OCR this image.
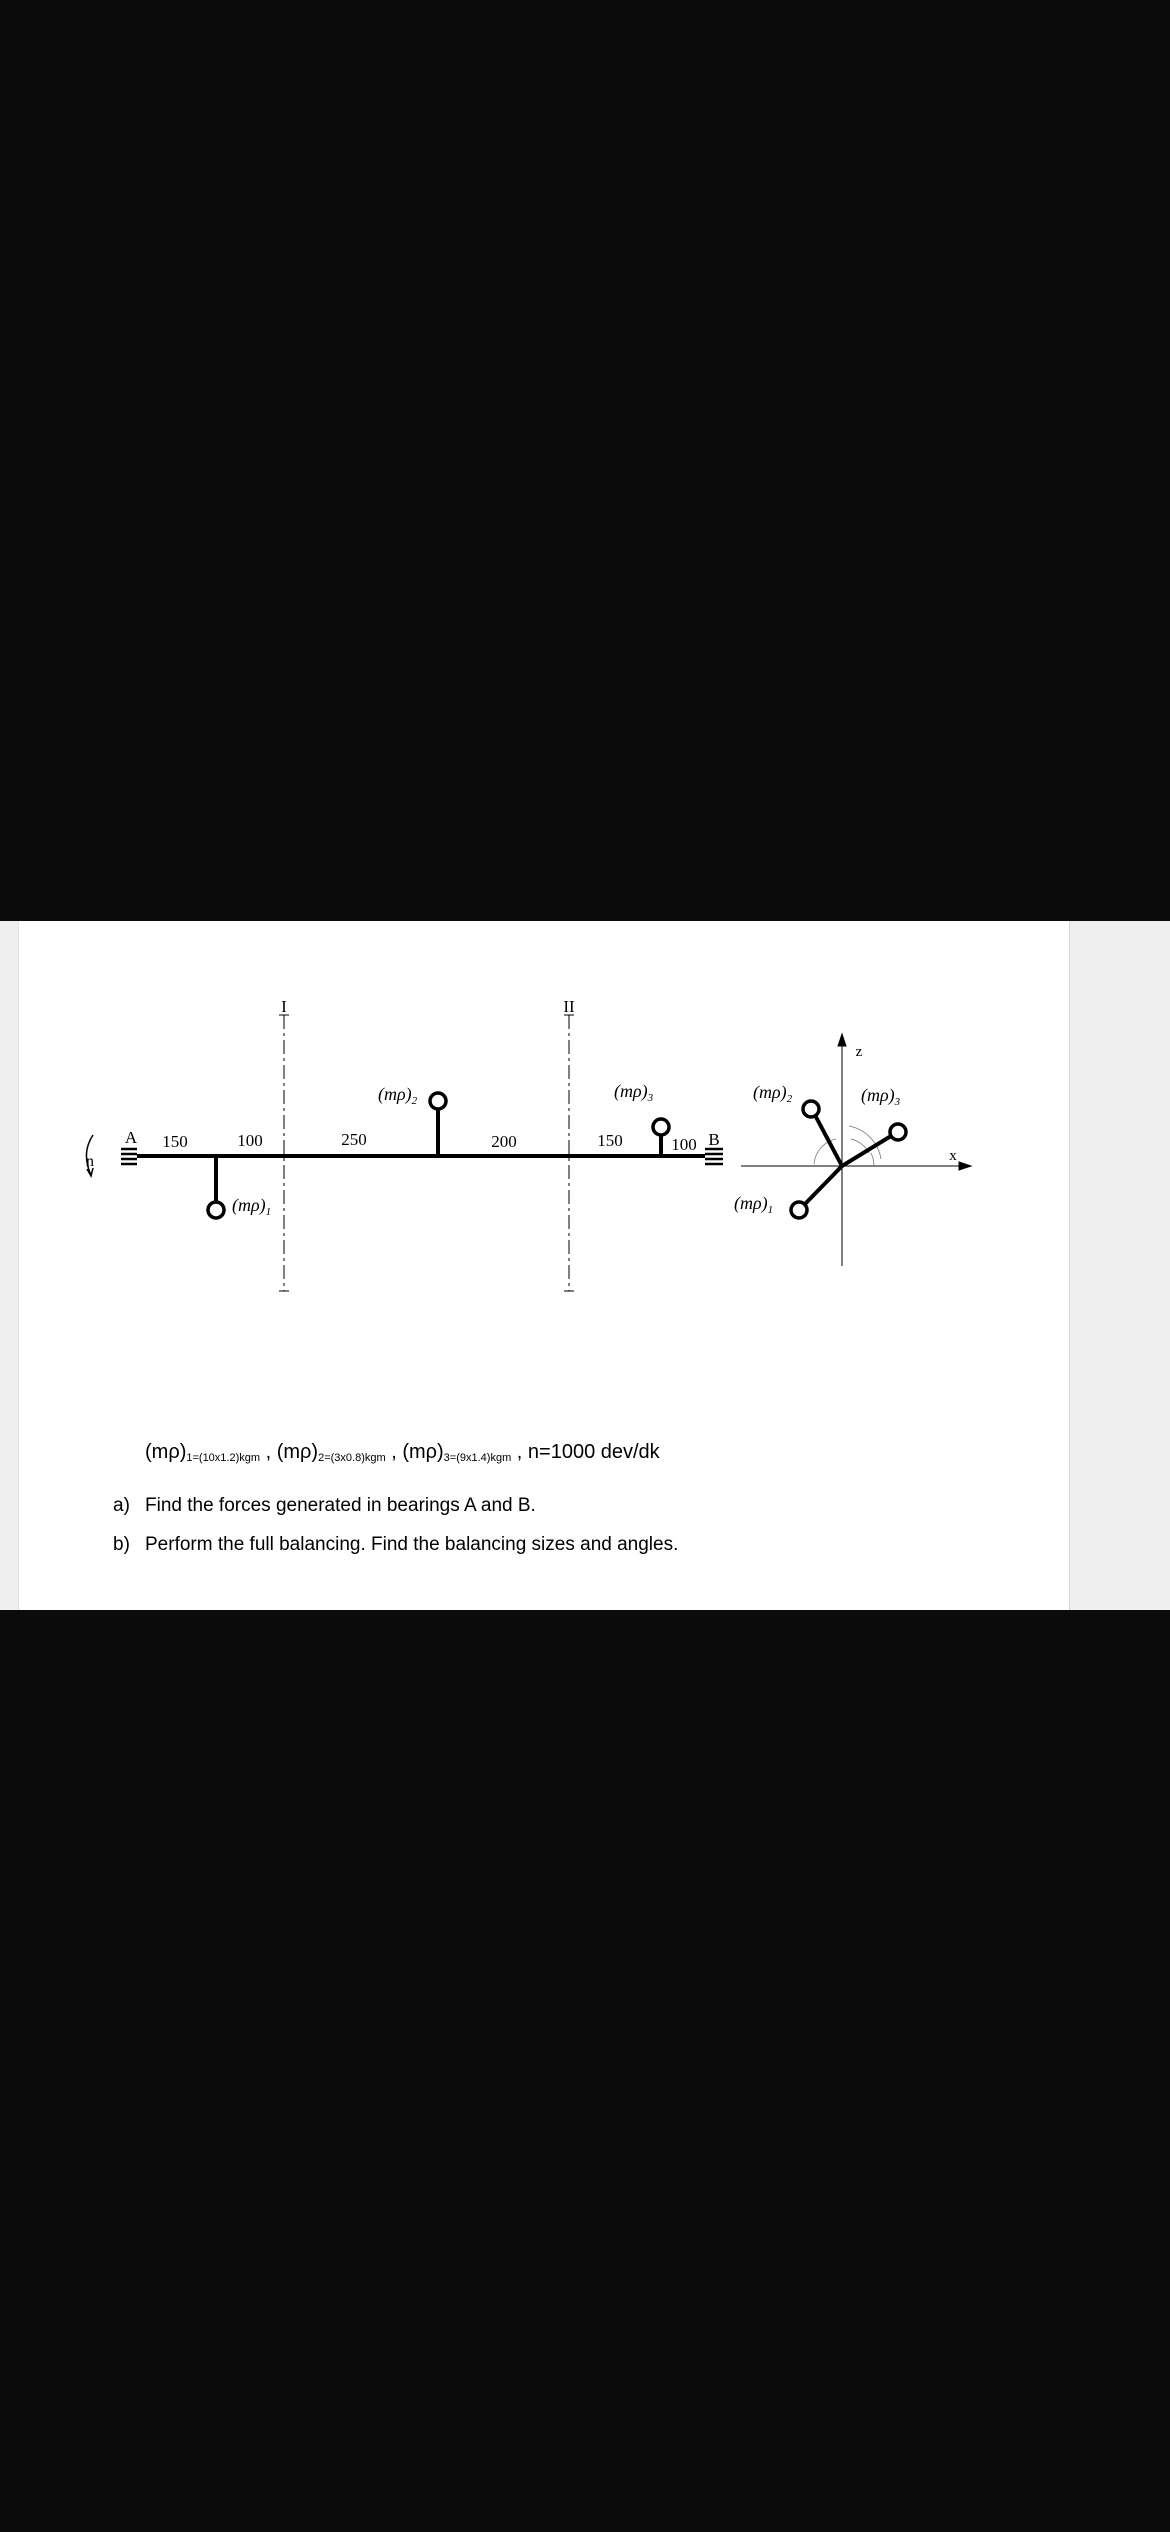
n
A	B
I	II
150	100	250	200	150	100
$(m\rho)_1$
$(m\rho)_2$	$(m\rho)_3$
x
z
$(m\rho)_1$
$(m\rho)_2$	$(m\rho)_3$
$(m\rho)_{1=(10x1.2)kgm}$ , $(m\rho)_{2=(3x0.8)kgm}$ , $(m\rho)_{3=(9x1.4)kgm}$ , n=1000 dev/dk
a) Find the forces generated in bearings A and B.
b) Perform the full balancing. Find the balancing sizes and angles.
